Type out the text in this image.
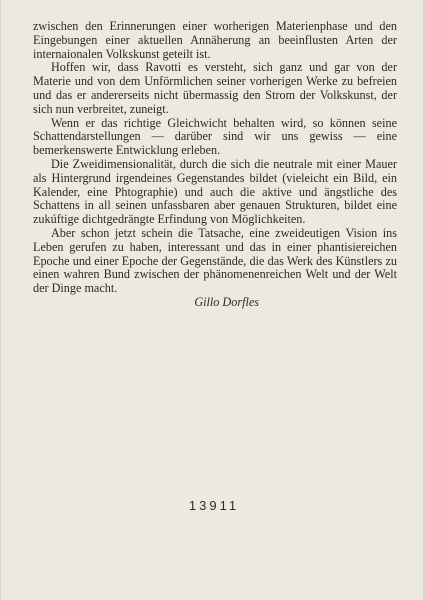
zwischen den Erinnerungen einer worherigen Materienphase und den Eingebungen einer aktuellen Annäherung an beeinflusten Arten der internaionalen Volkskunst geteilt ist.

Hoffen wir, dass Ravotti es versteht, sich ganz und gar von der Materie und von dem Unförmlichen seiner vorherigen Werke zu befreien und das er andererseits nicht übermassig den Strom der Volkskunst, der sich nun verbreitet, zuneigt.

Wenn er das richtige Gleichwicht behalten wird, so können seine Schattendarstellungen — darüber sind wir uns gewiss — eine bemerkenswerte Entwicklung erleben.

Die Zweidimensionalität, durch die sich die neutrale mit einer Mauer als Hintergrund irgendeines Gegenstandes bildet (vieleicht ein Bild, ein Kalender, eine Phtographie) und auch die aktive und ängstliche des Schattens in all seinen unfassbaren aber genauen Strukturen, bildet eine zukúftige dichtgedrängte Erfindung von Möglichkeiten.

Aber schon jetzt schein die Tatsache, eine zweideutigen Vision ins Leben gerufen zu haben, interessant und das in einer phantisiereichen Epoche und einer Epoche der Gegenstände, die das Werk des Künstlers zu einen wahren Bund zwischen der phänomenenreichen Welt und der Welt der Dinge macht.

Gillo Dorfles

13911
